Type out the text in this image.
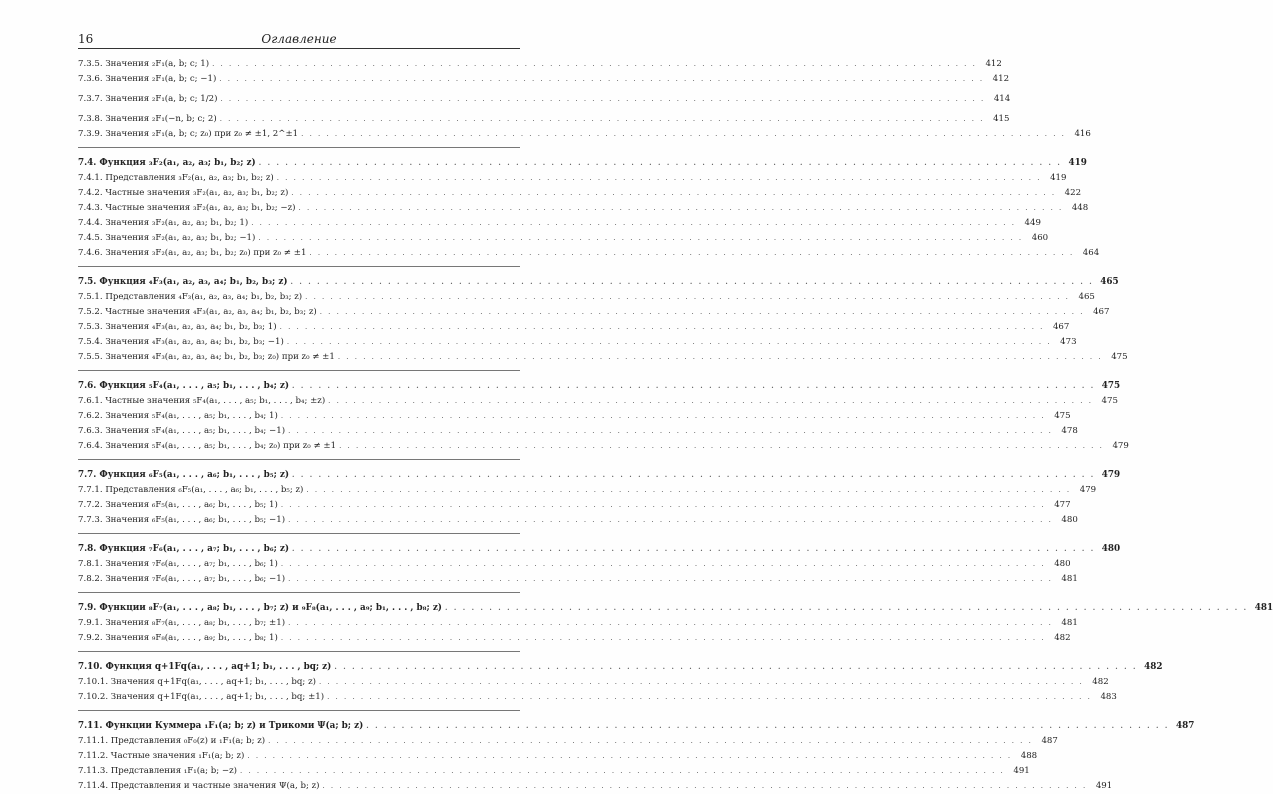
16	Оглавление
7.3.5. Значения ₂F₁(a, b; c; 1) . . .	412
7.3.6. Значения ₂F₁(a, b; c; −1) . . .	412
7.3.7. Значения ₂F₁(a, b; c; 1/2) . . .	414
7.3.8. Значения ₂F₁(−n, b; c; 2) . . .	415
7.3.9. Значения ₂F₁(a, b; c; z₀) при z₀ ≠ ±1, 2^±1 . . .	416
7.4. Функция ₃F₂(a₁, a₂, a₃; b₁, b₂; z) . . .	419
7.4.1. Представления ₃F₂(a₁, a₂, a₃; b₁, b₂; z) . . .	419
7.4.2. Частные значения ₃F₂(a₁, a₂, a₃; b₁, b₂; z) . . .	422
7.4.3. Частные значения ₃F₂(a₁, a₂, a₃; b₁, b₂; −z) . . .	448
7.4.4. Значения ₃F₂(a₁, a₂, a₃; b₁, b₂; 1) . . .	449
7.4.5. Значения ₃F₂(a₁, a₂, a₃; b₁, b₂; −1) . . .	460
7.4.6. Значения ₃F₂(a₁, a₂, a₃; b₁, b₂; z₀) при z₀ ≠ ±1 . . .	464
7.5. Функция ₄F₃(a₁, a₂, a₃, a₄; b₁, b₂, b₃; z) . . .	465
7.5.1. Представления ₄F₃(a₁, a₂, a₃, a₄; b₁, b₂, b₃; z) . . .	465
7.5.2. Частные значения ₄F₃(a₁, a₂, a₃, a₄; b₁, b₂, b₃; z) . . .	467
7.5.3. Значения ₄F₃(a₁, a₂, a₃, a₄; b₁, b₂, b₃; 1) . . .	467
7.5.4. Значения ₄F₃(a₁, a₂, a₃, a₄; b₁, b₂, b₃; −1) . . .	473
7.5.5. Значения ₄F₃(a₁, a₂, a₃, a₄; b₁, b₂, b₃; z₀) при z₀ ≠ ±1 . . .	475
7.6. Функция ₅F₄(a₁, . . . , a₅; b₁, . . . , b₄; z) . . .	475
7.6.1. Частные значения ₅F₄(a₁, . . . , a₅; b₁, . . . , b₄; ±z) . . .	475
7.6.2. Значения ₅F₄(a₁, . . . , a₅; b₁, . . . , b₄; 1) . . .	475
7.6.3. Значения ₅F₄(a₁, . . . , a₅; b₁, . . . , b₄; −1) . . .	478
7.6.4. Значения ₅F₄(a₁, . . . , a₅; b₁, . . . , b₄; z₀) при z₀ ≠ ±1 . . .	479
7.7. Функция ₆F₅(a₁, . . . , a₆; b₁, . . . , b₅; z) . . .	479
7.7.1. Представления ₆F₅(a₁, . . . , a₆; b₁, . . . , b₅; z) . . .	479
7.7.2. Значения ₆F₅(a₁, . . . , a₆; b₁, . . . , b₅; 1) . . .	477
7.7.3. Значения ₆F₅(a₁, . . . , a₆; b₁, . . . , b₅; −1) . . .	480
7.8. Функция ₇F₆(a₁, . . . , a₇; b₁, . . . , b₆; z) . . .	480
7.8.1. Значения ₇F₆(a₁, . . . , a₇; b₁, . . . , b₆; 1) . . .	480
7.8.2. Значения ₇F₆(a₁, . . . , a₇; b₁, . . . , b₆; −1) . . .	481
7.9. Функции ₈F₇(a₁, . . . , a₈; b₁, . . . , b₇; z) и ₉F₈(a₁, . . . , a₉; b₁, . . . , b₈; z) . . .	481
7.9.1. Значения ₈F₇(a₁, . . . , a₈; b₁, . . . , b₇; ±1) . . .	481
7.9.2. Значения ₉F₈(a₁, . . . , a₉; b₁, . . . , b₈; 1) . . .	482
7.10. Функция q+1Fq(a₁, . . . , aq+1; b₁, . . . , bq; z) . . .	482
7.10.1. Значения q+1Fq(a₁, . . . , aq+1; b₁, . . . , bq; z) . . .	482
7.10.2. Значения q+1Fq(a₁, . . . , aq+1; b₁, . . . , bq; ±1) . . .	483
7.11. Функции Куммера ₁F₁(a; b; z) и Трикоми Ψ(a; b; z) . . .	487
7.11.1. Представления ₀F₀(z) и ₁F₁(a; b; z) . . .	487
7.11.2. Частные значения ₁F₁(a; b; z) . . .	488
7.11.3. Представления ₁F₁(a; b; −z) . . .	491
7.11.4. Представления и частные значения Ψ(a, b; z) . . .	491
